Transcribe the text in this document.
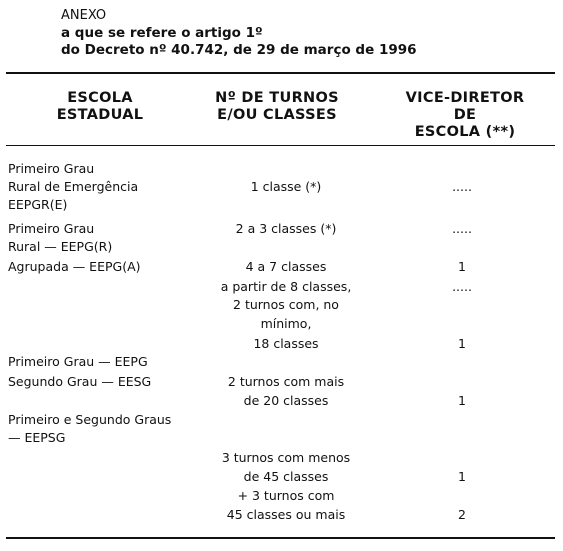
ANEXO
a que se refere o artigo 1º
do Decreto nº 40.742, de 29 de março de 1996
ESCOLA
ESTADUAL
Nº DE TURNOS
E/OU CLASSES
VICE-DIRETOR
DE
ESCOLA (**)
Primeiro Grau
Rural de Emergência
EEPGR(E)
Primeiro Grau
Rural — EEPG(R)
Agrupada — EEPG(A)
Primeiro Grau — EEPG
Segundo Grau — EESG
Primeiro e Segundo Graus
— EEPSG
1 classe (*)
2 a 3 classes (*)
4 a 7 classes
a partir de 8 classes,
2 turnos com, no
mínimo,
18 classes
2 turnos com mais
de 20 classes
3 turnos com menos
de 45 classes
+ 3 turnos com
45 classes ou mais
.....
.....
1
.....
1
1
1
2
